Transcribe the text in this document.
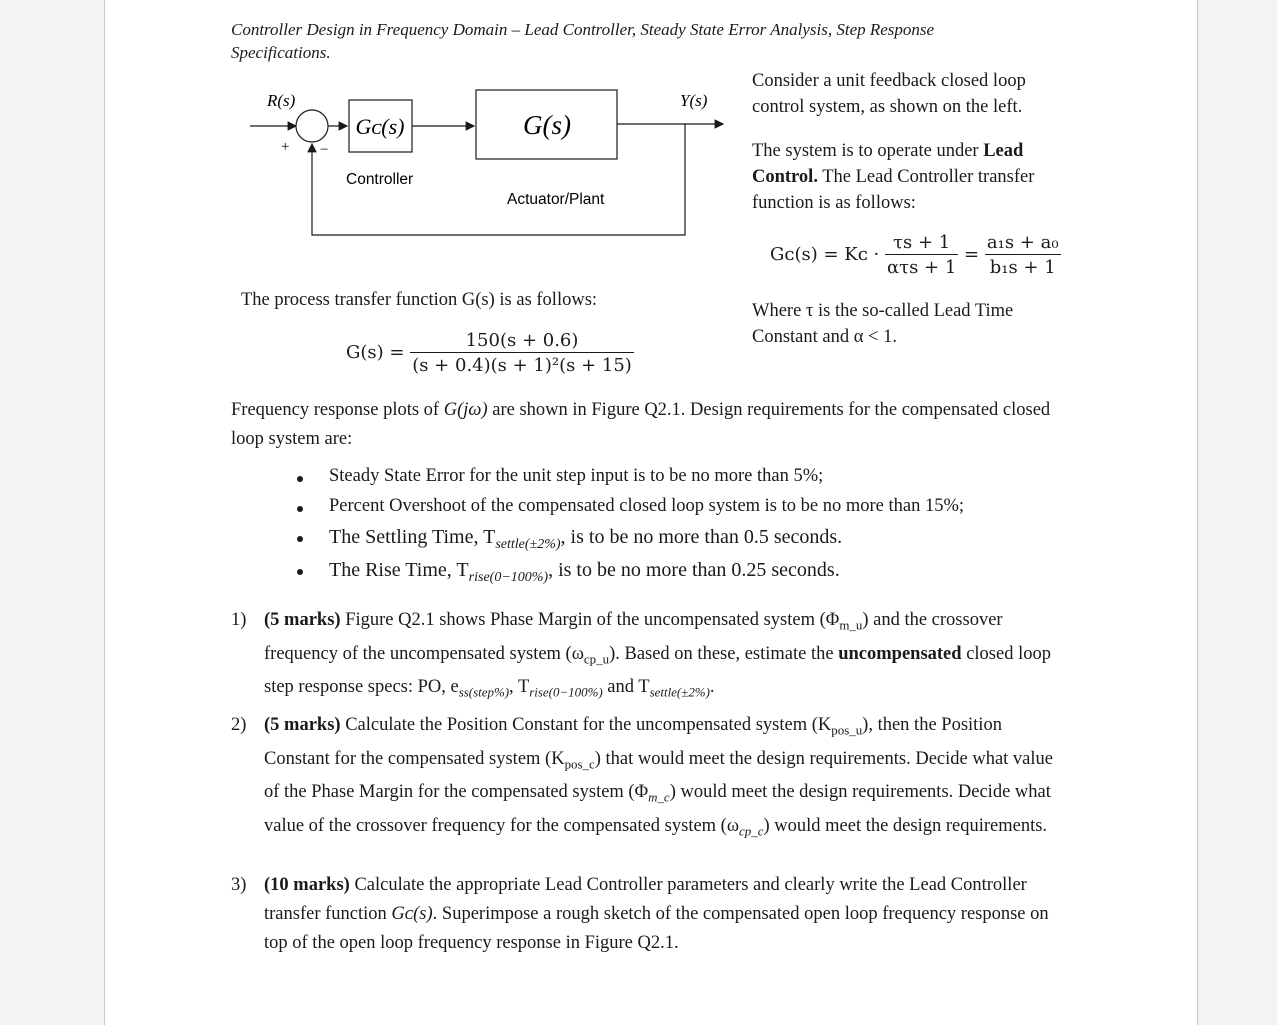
Controller Design in Frequency Domain – Lead Controller, Steady State Error Analysis, Step Response Specifications.
R(s)	Y(s)
+ −
Gᴄ(s)	G(s)
Controller
Actuator/Plant
Consider a unit feedback closed loop control system, as shown on the left.
The system is to operate under Lead Control. The Lead Controller transfer function is as follows:
Gᴄ(s) = Kᴄ · $\frac{\tau s + 1}{\text{ατs + 1}} = \frac{\text{a₁s + a₀}}{\text{b₁s + 1}}$
Where τ is the so-called Lead Time Constant and α < 1.
The process transfer function G(s) is as follows:
$G(s) = \frac{150(s + 0.6)}{\text{(s + 0.4)(s + 1)²(s + 15)}}$
Frequency response plots of G(jω) are shown in Figure Q2.1. Design requirements for the compensated closed loop system are:
Steady State Error for the unit step input is to be no more than 5%;
Percent Overshoot of the compensated closed loop system is to be no more than 15%;
The Settling Time, $T_{settle(\pm 2\%)}$, is to be no more than 0.5 seconds.
The Rise Time, $T_{rise(0-100\%)}$, is to be no more than 0.25 seconds.
1) (5 marks) Figure Q2.1 shows Phase Margin of the uncompensated system $(\Phi_{m\_u})$ and the crossover frequency of the uncompensated system $(\omega_{cp\_u})$. Based on these, estimate the uncompensated closed loop step response specs: PO, $e_{ss(step\%)}$, $T_{rise(0-100\%)}$ and $T_{settle(\pm 2\%)}$.
2) (5 marks) Calculate the Position Constant for the uncompensated system $(K_{pos\_u})$, then the Position Constant for the compensated system $(K_{pos\_c})$ that would meet the design requirements. Decide what value of the Phase Margin for the compensated system $(\Phi_{m\_c})$ would meet the design requirements. Decide what value of the crossover frequency for the compensated system $(\omega_{cp\_c})$ would meet the design requirements.
3) (10 marks) Calculate the appropriate Lead Controller parameters and clearly write the Lead Controller transfer function Gᴄ(s). Superimpose a rough sketch of the compensated open loop frequency response on top of the open loop frequency response in Figure Q2.1.
